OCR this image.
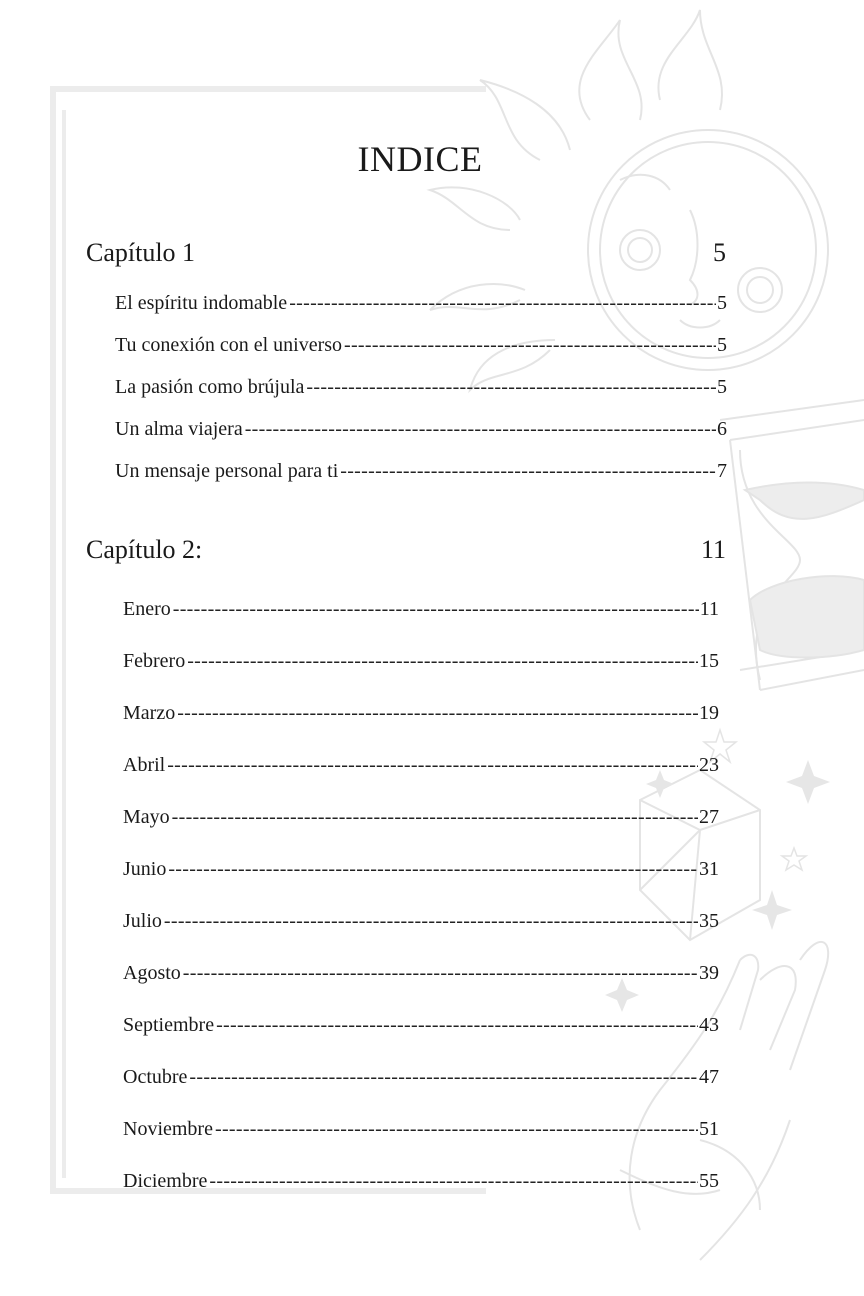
INDICE
Capítulo 1	5
El espíritu indomable -----	5
Tu conexión con el universo -----	5
La pasión como brújula -----	5
Un alma viajera -----	6
Un mensaje personal para ti -----	7
Capítulo 2:	11
Enero -----	11
Febrero -----	15
Marzo -----	19
Abril -----	23
Mayo -----	27
Junio -----	31
Julio -----	35
Agosto -----	39
Septiembre -----	43
Octubre -----	47
Noviembre -----	51
Diciembre -----	55
